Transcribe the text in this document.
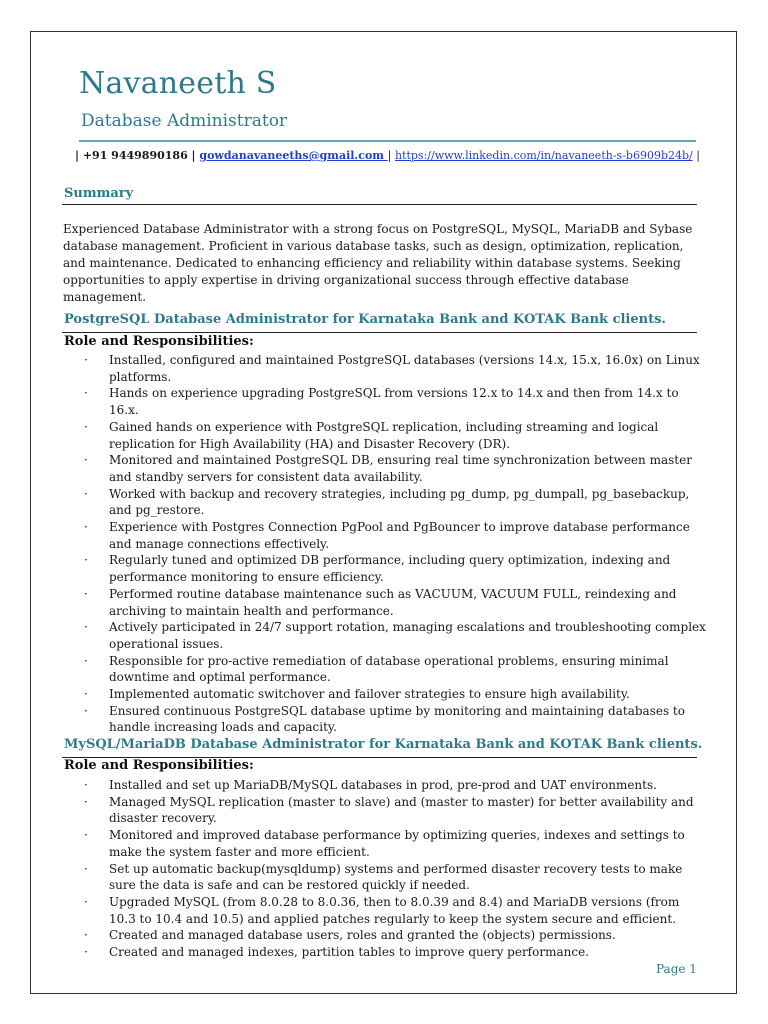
Navaneeth S
Database Administrator
| +91 9449890186 | gowdanavaneeths@gmail.com | https://www.linkedin.com/in/navaneeth-s-b6909b24b/ |
Summary
Experienced Database Administrator with a strong focus on PostgreSQL, MySQL, MariaDB and Sybase database management. Proficient in various database tasks, such as design, optimization, replication, and maintenance. Dedicated to enhancing efficiency and reliability within database systems. Seeking opportunities to apply expertise in driving organizational success through effective database management.
PostgreSQL Database Administrator for Karnataka Bank and KOTAK Bank clients.
Role and Responsibilities:
· Installed, configured and maintained PostgreSQL databases (versions 14.x, 15.x, 16.0x) on Linux platforms.
· Hands on experience upgrading PostgreSQL from versions 12.x to 14.x and then from 14.x to 16.x.
· Gained hands on experience with PostgreSQL replication, including streaming and logical replication for High Availability (HA) and Disaster Recovery (DR).
· Monitored and maintained PostgreSQL DB, ensuring real time synchronization between master and standby servers for consistent data availability.
· Worked with backup and recovery strategies, including pg_dump, pg_dumpall, pg_basebackup, and pg_restore.
· Experience with Postgres Connection PgPool and PgBouncer to improve database performance and manage connections effectively.
· Regularly tuned and optimized DB performance, including query optimization, indexing and performance monitoring to ensure efficiency.
· Performed routine database maintenance such as VACUUM, VACUUM FULL, reindexing and archiving to maintain health and performance.
· Actively participated in 24/7 support rotation, managing escalations and troubleshooting complex operational issues.
· Responsible for pro-active remediation of database operational problems, ensuring minimal downtime and optimal performance.
· Implemented automatic switchover and failover strategies to ensure high availability.
· Ensured continuous PostgreSQL database uptime by monitoring and maintaining databases to handle increasing loads and capacity.
MySQL/MariaDB Database Administrator for Karnataka Bank and KOTAK Bank clients.
Role and Responsibilities:
· Installed and set up MariaDB/MySQL databases in prod, pre-prod and UAT environments.
· Managed MySQL replication (master to slave) and (master to master) for better availability and disaster recovery.
· Monitored and improved database performance by optimizing queries, indexes and settings to make the system faster and more efficient.
· Set up automatic backup(mysqldump) systems and performed disaster recovery tests to make sure the data is safe and can be restored quickly if needed.
· Upgraded MySQL (from 8.0.28 to 8.0.36, then to 8.0.39 and 8.4) and MariaDB versions (from 10.3 to 10.4 and 10.5) and applied patches regularly to keep the system secure and efficient.
· Created and managed database users, roles and granted the (objects) permissions.
· Created and managed indexes, partition tables to improve query performance.
Page 1
